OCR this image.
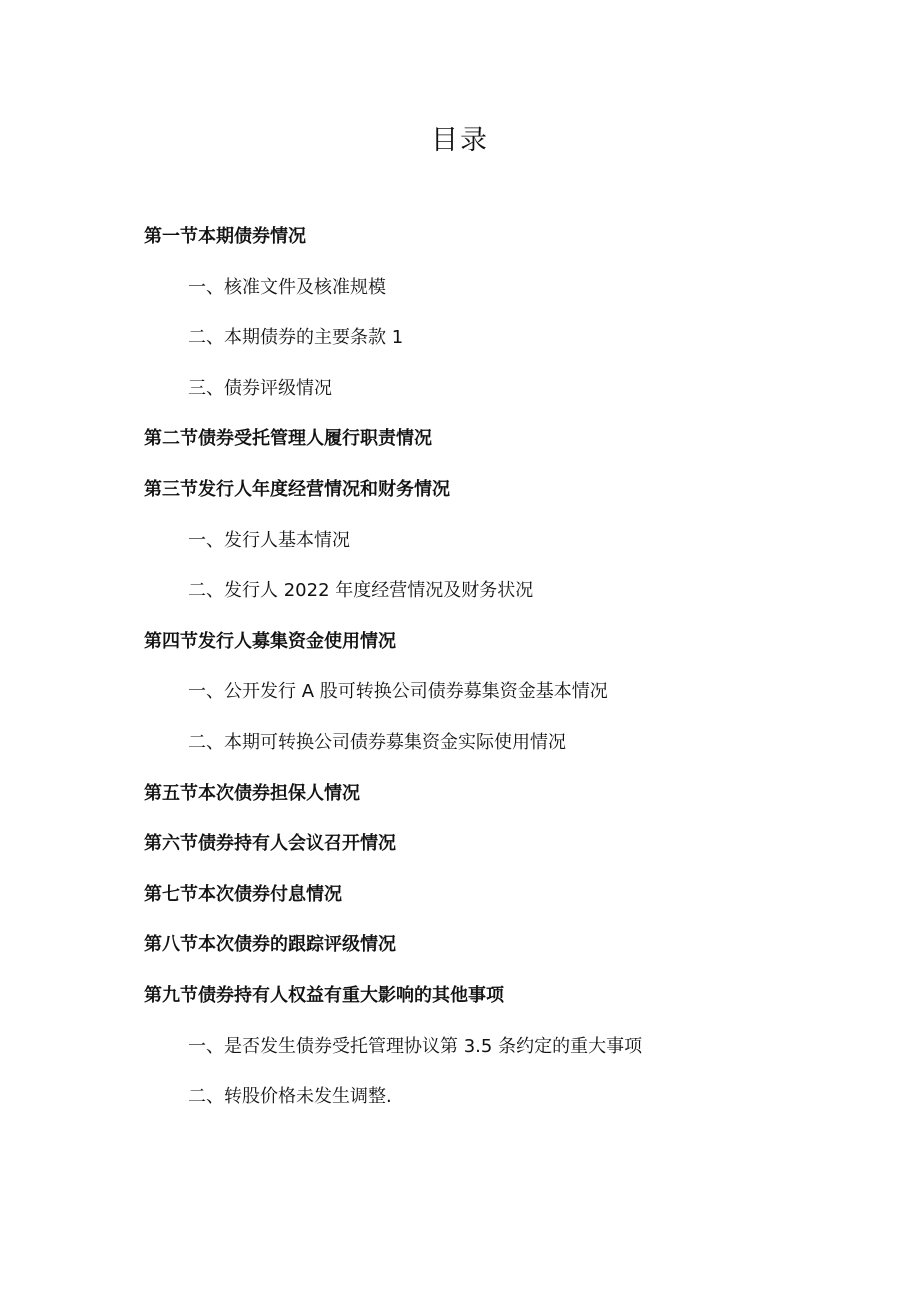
目录
第一节本期债券情况
一、核准文件及核准规模
二、本期债券的主要条款 1
三、债券评级情况
第二节债券受托管理人履行职责情况
第三节发行人年度经营情况和财务情况
一、发行人基本情况
二、发行人 2022 年度经营情况及财务状况
第四节发行人募集资金使用情况
一、公开发行 A 股可转换公司债券募集资金基本情况
二、本期可转换公司债券募集资金实际使用情况
第五节本次债券担保人情况
第六节债券持有人会议召开情况
第七节本次债券付息情况
第八节本次债券的跟踪评级情况
第九节债券持有人权益有重大影响的其他事项
一、是否发生债券受托管理协议第 3.5 条约定的重大事项
二、转股价格未发生调整.
